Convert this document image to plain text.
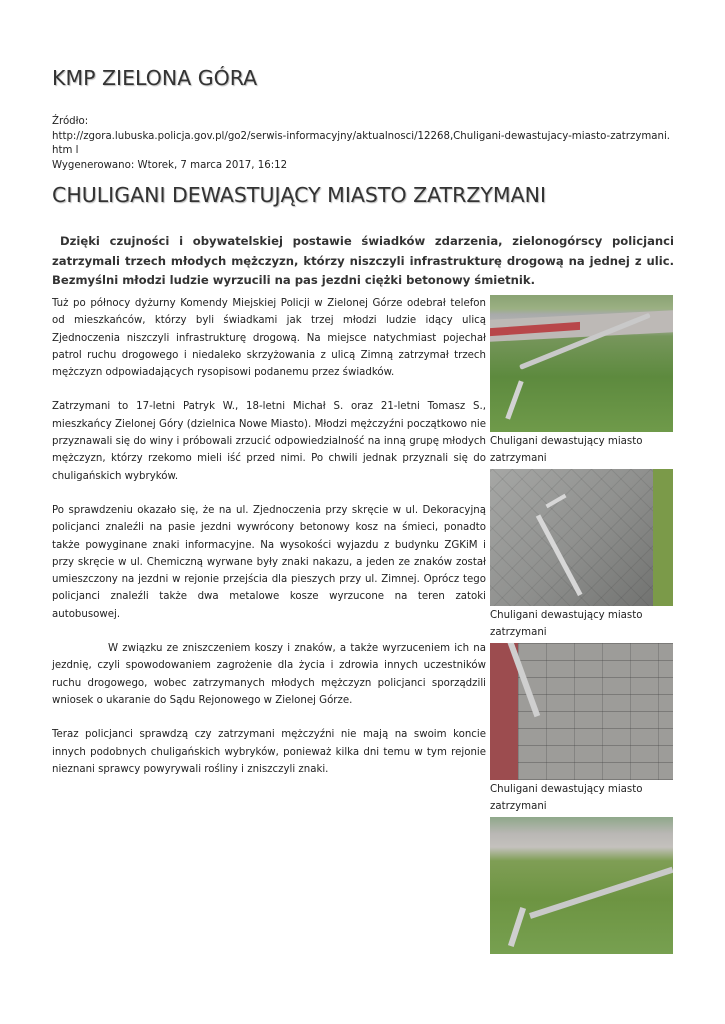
KMP ZIELONA GÓRA
Źródło:
http://zgora.lubuska.policja.gov.pl/go2/serwis-informacyjny/aktualnosci/12268,Chuligani-dewastujacy-miasto-zatrzymani.htm l
Wygenerowano: Wtorek, 7 marca 2017, 16:12
CHULIGANI DEWASTUJĄCY MIASTO ZATRZYMANI

Dzięki czujności i obywatelskiej postawie świadków zdarzenia, zielonogórscy policjanci zatrzymali trzech młodych mężczyzn, którzy niszczyli infrastrukturę drogową na jednej z ulic. Bezmyślni młodzi ludzie wyrzucili na pas jezdni ciężki betonowy śmietnik.

Tuż po północy dyżurny Komendy Miejskiej Policji w Zielonej Górze odebrał telefon od mieszkańców, którzy byli świadkami jak trzej młodzi ludzie idący ulicą Zjednoczenia niszczyli infrastrukturę drogową. Na miejsce natychmiast pojechał patrol ruchu drogowego i niedaleko skrzyżowania z ulicą Zimną zatrzymał trzech mężczyzn odpowiadających rysopisowi podanemu przez świadków.

Zatrzymani to 17-letni Patryk W., 18-letni Michał S. oraz 21-letni Tomasz S., mieszkańcy Zielonej Góry (dzielnica Nowe Miasto). Młodzi mężczyźni początkowo nie przyznawali się do winy i próbowali zrzucić odpowiedzialność na inną grupę młodych mężczyzn, którzy rzekomo mieli iść przed nimi. Po chwili jednak przyznali się do chuligańskich wybryków.

Po sprawdzeniu okazało się, że na ul. Zjednoczenia przy skręcie w ul. Dekoracyjną policjanci znaleźli na pasie jezdni wywrócony betonowy kosz na śmieci, ponadto także powyginane znaki informacyjne. Na wysokości wyjazdu z budynku ZGKiM i przy skręcie w ul. Chemiczną wyrwane były znaki nakazu, a jeden ze znaków został umieszczony na jezdni w rejonie przejścia dla pieszych przy ul. Zimnej. Oprócz tego policjanci znaleźli także dwa metalowe kosze wyrzucone na teren zatoki autobusowej.

W związku ze zniszczeniem koszy i znaków, a także wyrzuceniem ich na jezdnię, czyli spowodowaniem zagrożenie dla życia i zdrowia innych uczestników ruchu drogowego, wobec zatrzymanych młodych mężczyzn policjanci sporządzili wniosek o ukaranie do Sądu Rejonowego w Zielonej Górze.

Teraz policjanci sprawdzą czy zatrzymani mężczyźni nie mają na swoim koncie innych podobnych chuligańskich wybryków, ponieważ kilka dni temu w tym rejonie nieznani sprawcy powyrywali rośliny i zniszczyli znaki.

Chuligani dewastujący miasto zatrzymani
Chuligani dewastujący miasto zatrzymani
Chuligani dewastujący miasto zatrzymani
